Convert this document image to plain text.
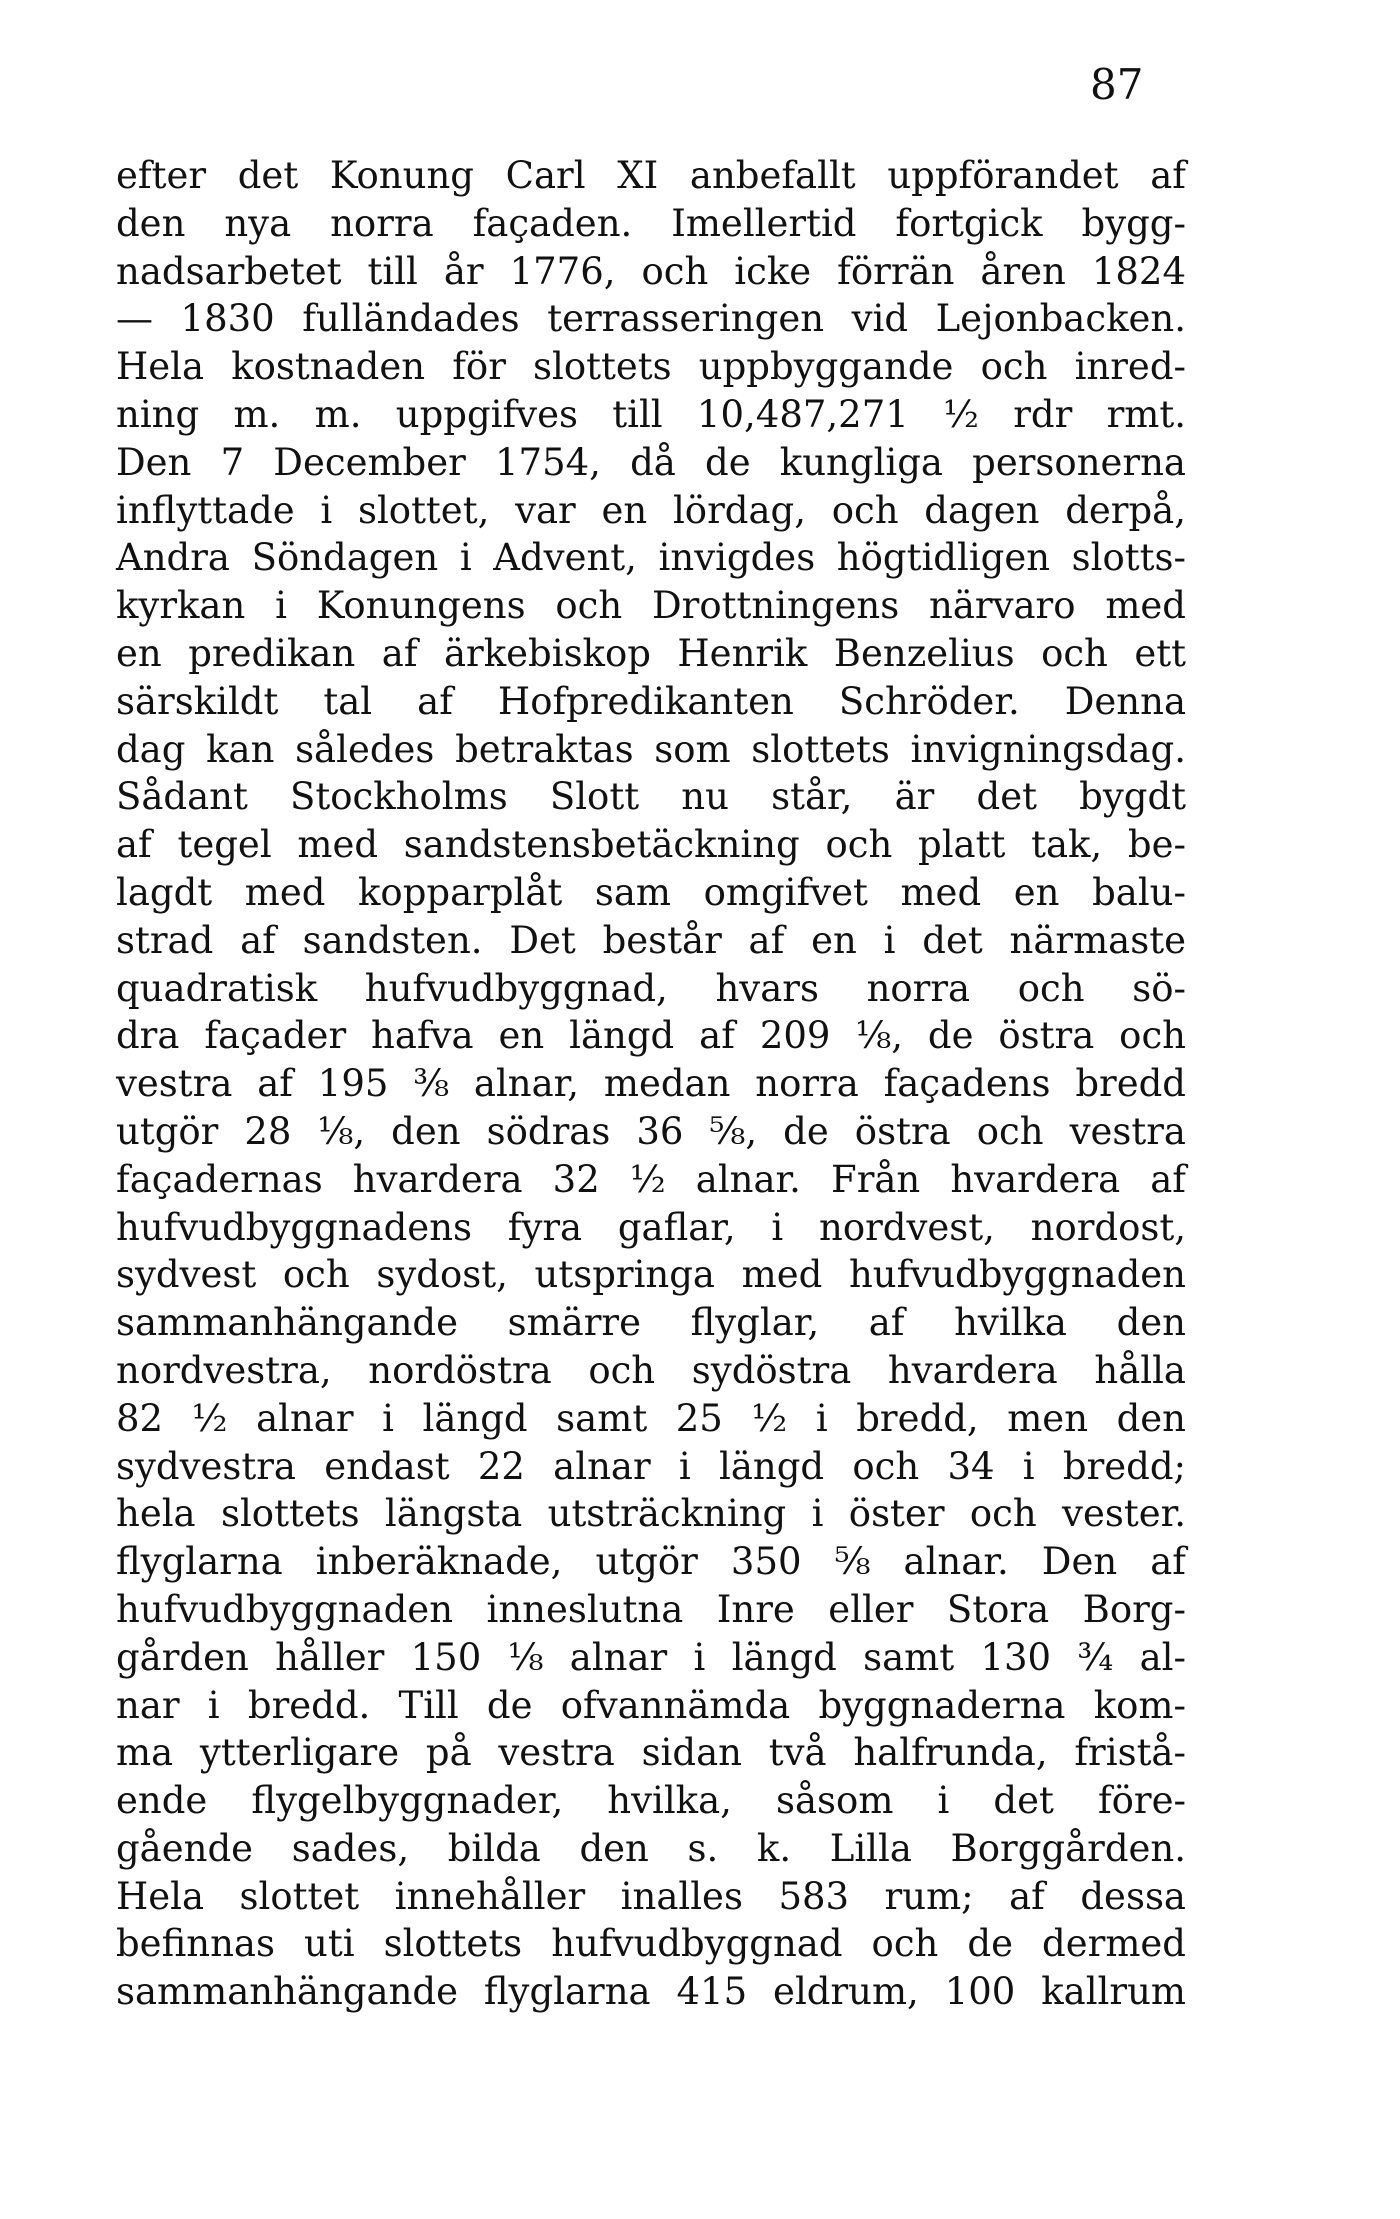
87
efter det Konung Carl XI anbefallt uppförandet af
den nya norra façaden. Imellertid fortgick bygg-
nadsarbetet till år 1776, och icke förrän åren 1824
— 1830 fulländades terrasseringen vid Lejonbacken.
Hela kostnaden för slottets uppbyggande och inred-
ning m. m. uppgifves till 10,487,271 ½ rdr rmt.
Den 7 December 1754, då de kungliga personerna
inflyttade i slottet, var en lördag, och dagen derpå,
Andra Söndagen i Advent, invigdes högtidligen slotts-
kyrkan i Konungens och Drottningens närvaro med
en predikan af ärkebiskop Henrik Benzelius och ett
särskildt tal af Hofpredikanten Schröder. Denna
dag kan således betraktas som slottets invigningsdag.
Sådant Stockholms Slott nu står, är det bygdt
af tegel med sandstensbetäckning och platt tak, be-
lagdt med kopparplåt sam omgifvet med en balu-
strad af sandsten. Det består af en i det närmaste
quadratisk hufvudbyggnad, hvars norra och sö-
dra façader hafva en längd af 209 ⅛, de östra och
vestra af 195 ⅜ alnar, medan norra façadens bredd
utgör 28 ⅛, den södras 36 ⅝, de östra och vestra
façadernas hvardera 32 ½ alnar. Från hvardera af
hufvudbyggnadens fyra gaflar, i nordvest, nordost,
sydvest och sydost, utspringa med hufvudbyggnaden
sammanhängande smärre flyglar, af hvilka den
nordvestra, nordöstra och sydöstra hvardera hålla
82 ½ alnar i längd samt 25 ½ i bredd, men den
sydvestra endast 22 alnar i längd och 34 i bredd;
hela slottets längsta utsträckning i öster och vester.
flyglarna inberäknade, utgör 350 ⅝ alnar. Den af
hufvudbyggnaden inneslutna Inre eller Stora Borg-
gården håller 150 ⅛ alnar i längd samt 130 ¾ al-
nar i bredd. Till de ofvannämda byggnaderna kom-
ma ytterligare på vestra sidan två halfrunda, fristå-
ende flygelbyggnader, hvilka, såsom i det före-
gående sades, bilda den s. k. Lilla Borggården.
Hela slottet innehåller inalles 583 rum; af dessa
befinnas uti slottets hufvudbyggnad och de dermed
sammanhängande flyglarna 415 eldrum, 100 kallrum
